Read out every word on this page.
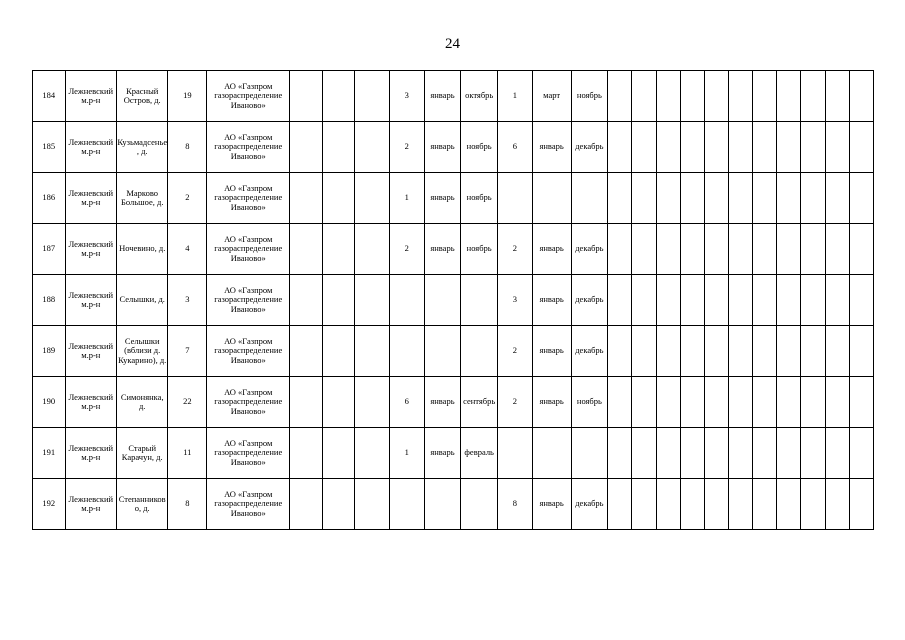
24
184	Лежневский м.р-н	Красный Остров, д.	19	АО «Газпром газораспределение Иваново»				3	январь	октябрь	1	март	ноябрь											
185	Лежневский м.р-н	Кузьмадсенье, д.	8	АО «Газпром газораспределение Иваново»				2	январь	ноябрь	6	январь	декабрь											
186	Лежневский м.р-н	Марково Большое, д.	2	АО «Газпром газораспределение Иваново»				1	январь	ноябрь														
187	Лежневский м.р-н	Ночевино, д.	4	АО «Газпром газораспределение Иваново»				2	январь	ноябрь	2	январь	декабрь											
188	Лежневский м.р-н	Селышки, д.	3	АО «Газпром газораспределение Иваново»							3	январь	декабрь											
189	Лежневский м.р-н	Селышки (вблизи д. Кукарино), д.	7	АО «Газпром газораспределение Иваново»							2	январь	декабрь											
190	Лежневский м.р-н	Симонянка, д.	22	АО «Газпром газораспределение Иваново»				6	январь	сентябрь	2	январь	ноябрь											
191	Лежневский м.р-н	Старый Карачун, д.	11	АО «Газпром газораспределение Иваново»				1	январь	февраль														
192	Лежневский м.р-н	Степанниково, д.	8	АО «Газпром газораспределение Иваново»							8	январь	декабрь											
